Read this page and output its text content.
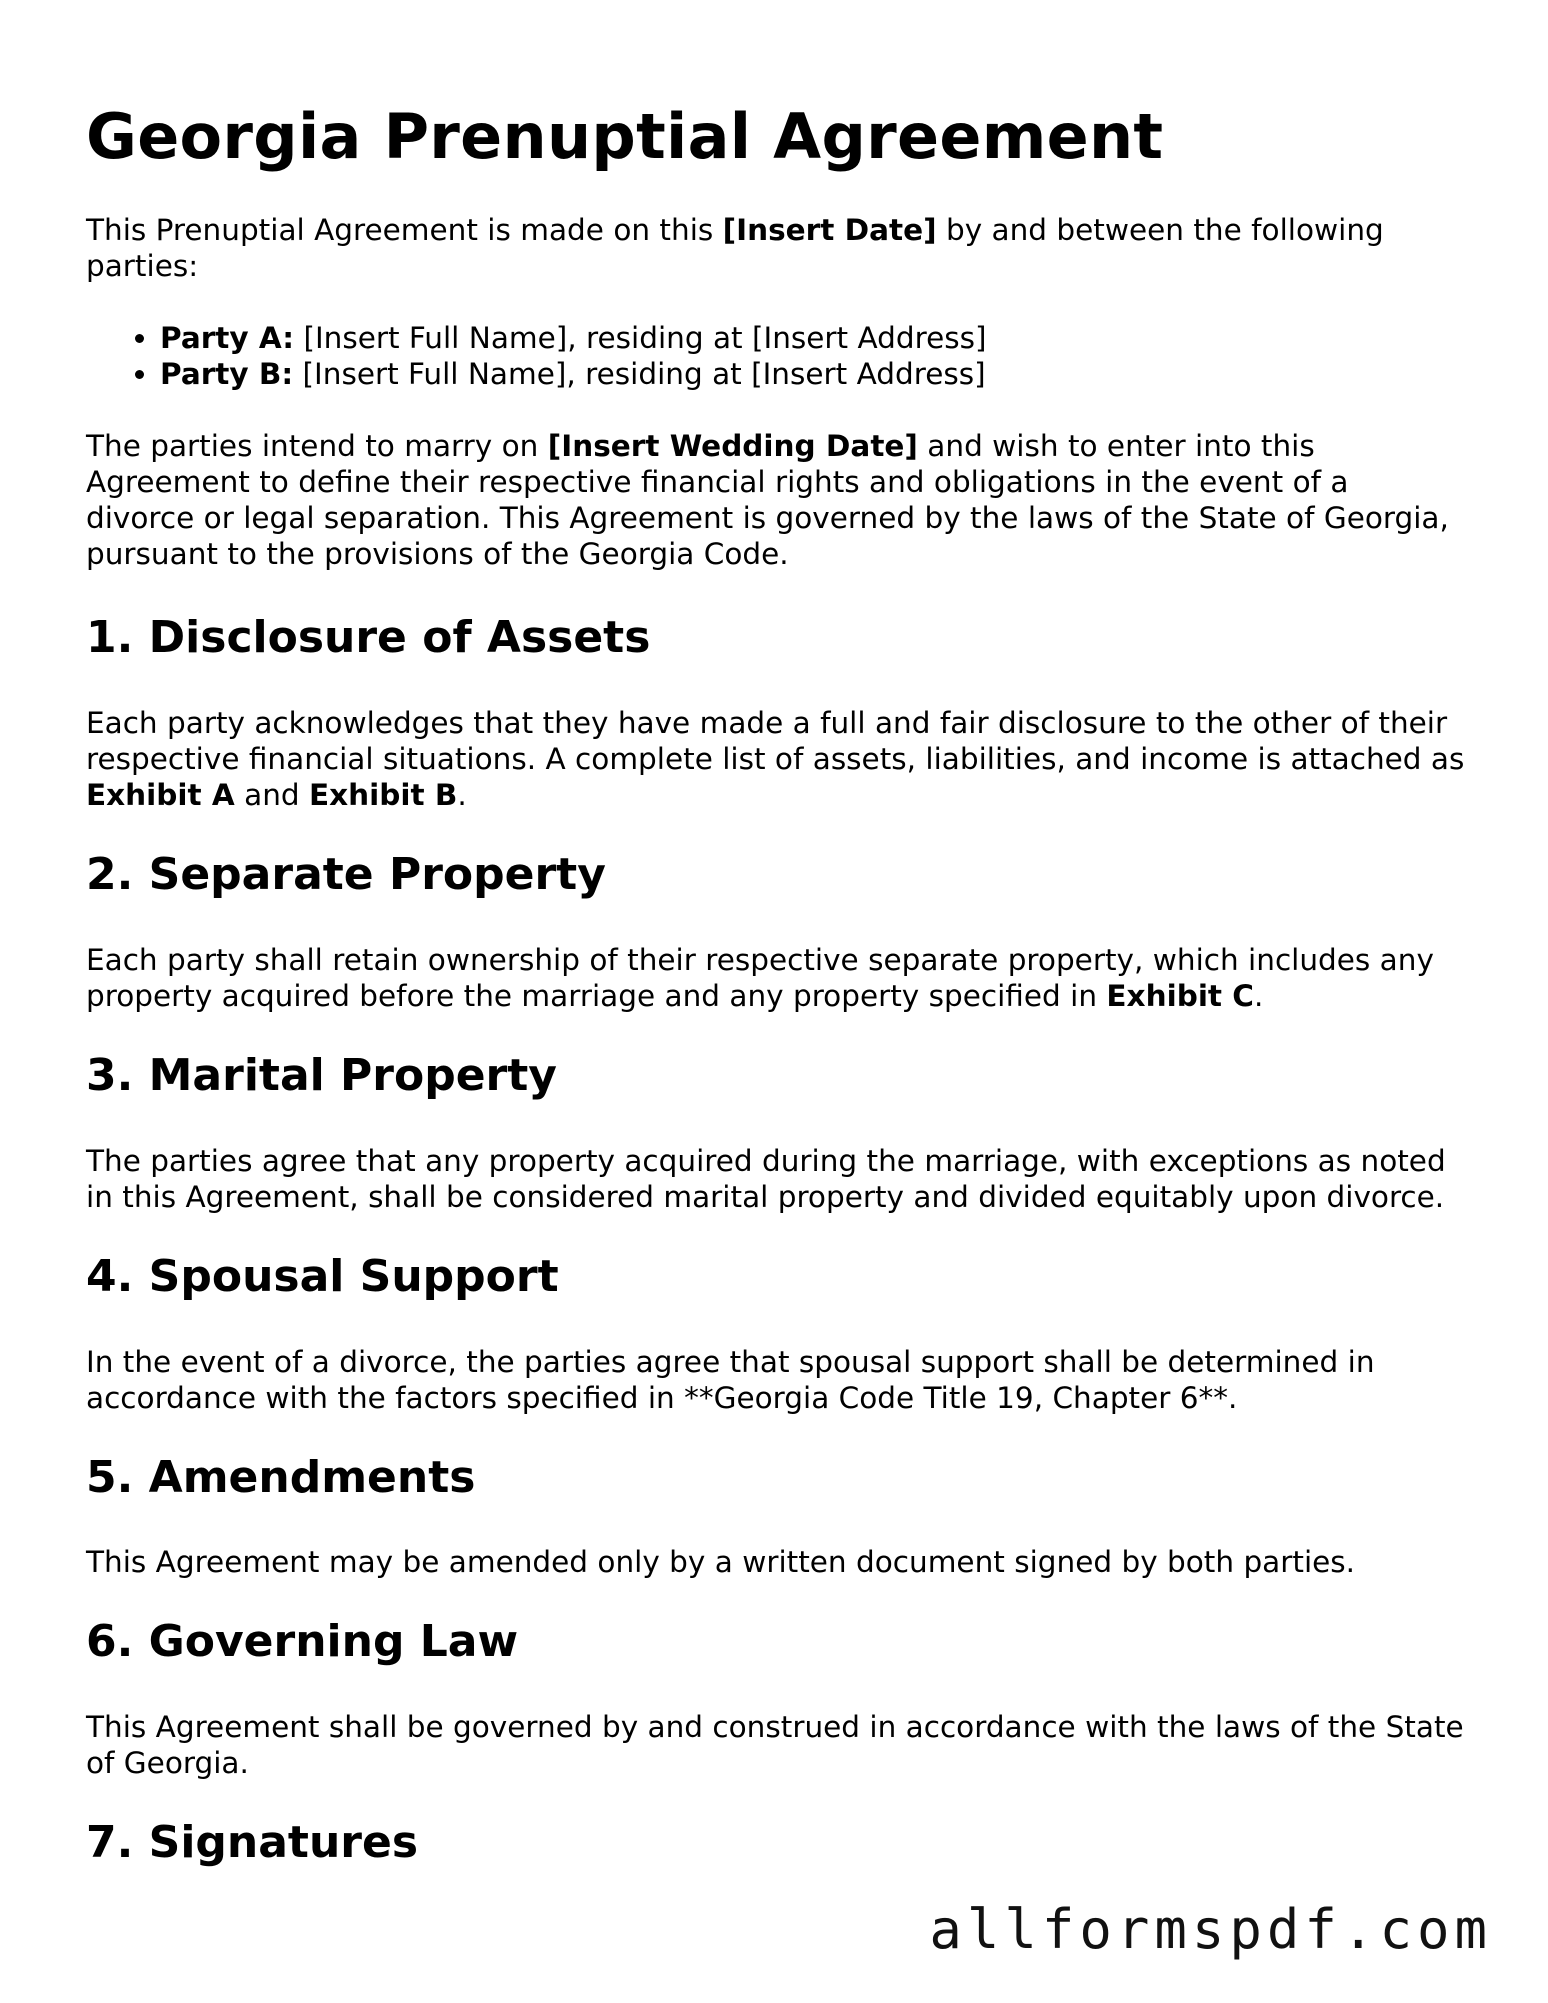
Georgia Prenuptial Agreement

This Prenuptial Agreement is made on this [Insert Date] by and between the following parties:

• Party A: [Insert Full Name], residing at [Insert Address]
• Party B: [Insert Full Name], residing at [Insert Address]

The parties intend to marry on [Insert Wedding Date] and wish to enter into this Agreement to define their respective financial rights and obligations in the event of a divorce or legal separation. This Agreement is governed by the laws of the State of Georgia, pursuant to the provisions of the Georgia Code.

1. Disclosure of Assets

Each party acknowledges that they have made a full and fair disclosure to the other of their respective financial situations. A complete list of assets, liabilities, and income is attached as Exhibit A and Exhibit B.

2. Separate Property

Each party shall retain ownership of their respective separate property, which includes any property acquired before the marriage and any property specified in Exhibit C.

3. Marital Property

The parties agree that any property acquired during the marriage, with exceptions as noted in this Agreement, shall be considered marital property and divided equitably upon divorce.

4. Spousal Support

In the event of a divorce, the parties agree that spousal support shall be determined in accordance with the factors specified in **Georgia Code Title 19, Chapter 6**.

5. Amendments

This Agreement may be amended only by a written document signed by both parties.

6. Governing Law

This Agreement shall be governed by and construed in accordance with the laws of the State of Georgia.

7. Signatures
allformspdf.com
